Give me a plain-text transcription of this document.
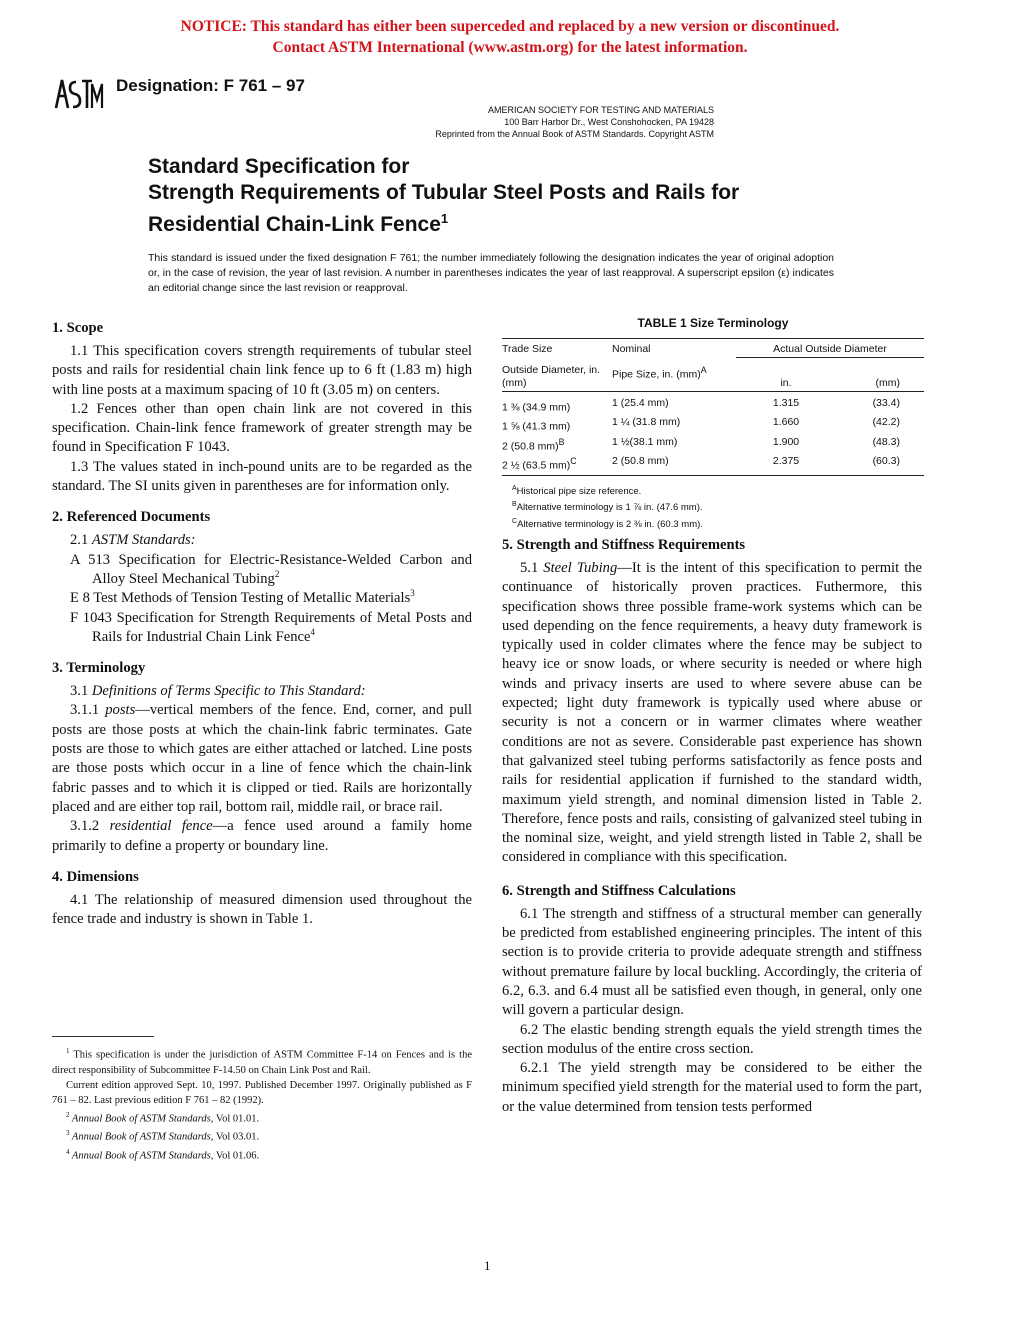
NOTICE: This standard has either been superceded and replaced by a new version or discontinued.
Contact ASTM International (www.astm.org) for the latest information.
Designation: F 761 – 97
AMERICAN SOCIETY FOR TESTING AND MATERIALS
100 Barr Harbor Dr., West Conshohocken, PA 19428
Reprinted from the Annual Book of ASTM Standards. Copyright ASTM
Standard Specification for
Strength Requirements of Tubular Steel Posts and Rails for
Residential Chain-Link Fence$^1$
This standard is issued under the fixed designation F 761; the number immediately following the designation indicates the year of original adoption or, in the case of revision, the year of last revision. A number in parentheses indicates the year of last reapproval. A superscript epsilon (ε) indicates an editorial change since the last revision or reapproval.
1. Scope

1.1 This specification covers strength requirements of tubular steel posts and rails for residential chain link fence up to 6 ft (1.83 m) high with line posts at a maximum spacing of 10 ft (3.05 m) on centers.

1.2 Fences other than open chain link are not covered in this specification. Chain-link fence framework of greater strength may be found in Specification F 1043.

1.3 The values stated in inch-pound units are to be regarded as the standard. The SI units given in parentheses are for information only.

2. Referenced Documents

2.1 ASTM Standards:

A 513 Specification for Electric-Resistance-Welded Carbon and Alloy Steel Mechanical Tubing$^2$

E 8 Test Methods of Tension Testing of Metallic Materials$^3$

F 1043 Specification for Strength Requirements of Metal Posts and Rails for Industrial Chain Link Fence$^4$

3. Terminology

3.1 Definitions of Terms Specific to This Standard:

3.1.1 posts—vertical members of the fence. End, corner, and pull posts are those posts at which the chain-link fabric terminates. Gate posts are those to which gates are either attached or latched. Line posts are those posts which occur in a line of fence which the chain-link fabric passes and to which it is clipped or tied. Rails are horizontally placed and are either top rail, bottom rail, middle rail, or brace rail.

3.1.2 residential fence—a fence used around a family home primarily to define a property or boundary line.

4. Dimensions

4.1 The relationship of measured dimension used throughout the fence trade and industry is shown in Table 1.

$^1$ This specification is under the jurisdiction of ASTM Committee F-14 on Fences and is the direct responsibility of Subcommittee F-14.50 on Chain Link Post and Rail.

Current edition approved Sept. 10, 1997. Published December 1997. Originally published as F 761 – 82. Last previous edition F 761 – 82 (1992).

$^2$ Annual Book of ASTM Standards, Vol 01.01.

$^3$ Annual Book of ASTM Standards, Vol 03.01.

$^4$ Annual Book of ASTM Standards, Vol 01.06.

TABLE 1 Size Terminology
Trade Size	Nominal	Actual Outside Diameter	
Outside Diameter, in. (mm)	Pipe Size, in. (mm)$^A$	in.	(mm)
1 ⅜ (34.9 mm)	1 (25.4 mm)	1.315	(33.4)
1 ⅝ (41.3 mm)	1 ¼ (31.8 mm)	1.660	(42.2)
2 (50.8 mm)$^B$	1 ½(38.1 mm)	1.900	(48.3)
2 ½ (63.5 mm)$^C$	2 (50.8 mm)	2.375	(60.3)
$^A$Historical pipe size reference.
$^B$Alternative terminology is 1 ⅞ in. (47.6 mm).
$^C$Alternative terminology is 2 ⅜ in. (60.3 mm).
5. Strength and Stiffness Requirements

5.1 Steel Tubing—It is the intent of this specification to permit the continuance of historically proven practices. Futhermore, this specification shows three possible frame-work systems which can be used depending on the fence requirements, a heavy duty framework is typically used in colder climates where the fence may be subject to heavy ice or snow loads, or where security is needed or where high winds and privacy inserts are used to where severe abuse can be expected; light duty framework is typically used where abuse or security is not a concern or in warmer climates where weather conditions are not as severe. Considerable past experience has shown that galvanized steel tubing performs satisfactorily as fence posts and rails for residential application if furnished to the standard width, maximum yield strength, and nominal dimension listed in Table 2. Therefore, fence posts and rails, consisting of galvanized steel tubing in the nominal size, weight, and yield strength listed in Table 2, shall be considered in compliance with this specification.

6. Strength and Stiffness Calculations

6.1 The strength and stiffness of a structural member can generally be predicted from established engineering principles. The intent of this section is to provide criteria to provide adequate strength and stiffness without premature failure by local buckling. Accordingly, the criteria of 6.2, 6.3. and 6.4 must all be satisfied even though, in general, only one will govern a particular design.

6.2 The elastic bending strength equals the yield strength times the section modulus of the entire cross section.

6.2.1 The yield strength may be considered to be either the minimum specified yield strength for the material used to form the part, or the value determined from tension tests performed

1
